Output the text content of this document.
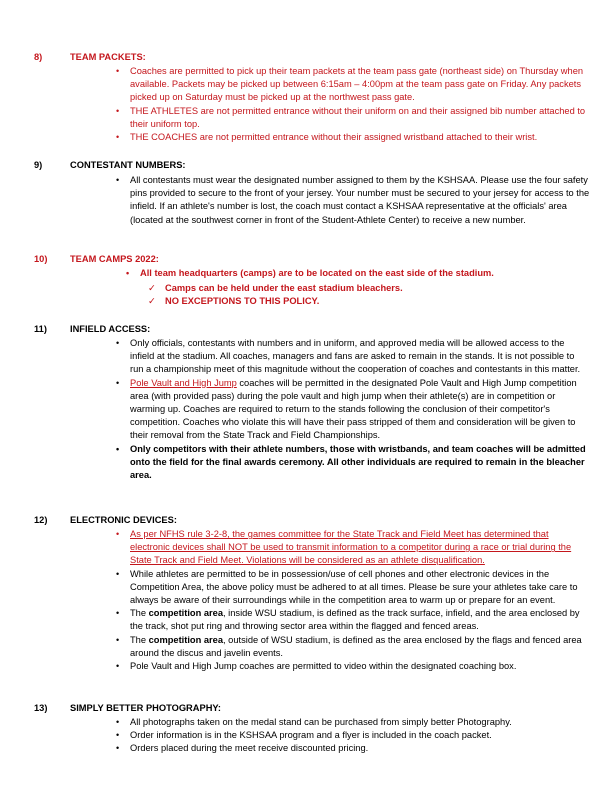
8)	TEAM PACKETS:
• Coaches are permitted to pick up their team packets at the team pass gate (northeast side) on Thursday when available. Packets may be picked up between 6:15am – 4:00pm at the team pass gate on Friday. Any packets picked up on Saturday must be picked up at the northwest pass gate.
• THE ATHLETES are not permitted entrance without their uniform on and their assigned bib number attached to their uniform top.
• THE COACHES are not permitted entrance without their assigned wristband attached to their wrist.
9)	CONTESTANT NUMBERS:
• All contestants must wear the designated number assigned to them by the KSHSAA. Please use the four safety pins provided to secure to the front of your jersey. Your number must be secured to your jersey for access to the infield. If an athlete's number is lost, the coach must contact a KSHSAA representative at the officials' area (located at the southwest corner in front of the Student-Athlete Center) to receive a new number.
10) TEAM CAMPS 2022:
• All team headquarters (camps) are to be located on the east side of the stadium.
✓ Camps can be held under the east stadium bleachers.
✓ NO EXCEPTIONS TO THIS POLICY.
11) INFIELD ACCESS:
• Only officials, contestants with numbers and in uniform, and approved media will be allowed access to the infield at the stadium. All coaches, managers and fans are asked to remain in the stands. It is not possible to run a championship meet of this magnitude without the cooperation of coaches and contestants in this matter.
• Pole Vault and High Jump coaches will be permitted in the designated Pole Vault and High Jump competition area (with provided pass) during the pole vault and high jump when their athlete(s) are in competition or warming up. Coaches are required to return to the stands following the conclusion of their competitor's competition. Coaches who violate this will have their pass stripped of them and consideration will be given to their removal from the State Track and Field Championships.
• Only competitors with their athlete numbers, those with wristbands, and team coaches will be admitted onto the field for the final awards ceremony. All other individuals are required to remain in the bleacher area.
12) ELECTRONIC DEVICES:
• As per NFHS rule 3-2-8, the games committee for the State Track and Field Meet has determined that electronic devices shall NOT be used to transmit information to a competitor during a race or trial during the State Track and Field Meet. Violations will be considered as an athlete disqualification.
• While athletes are permitted to be in possession/use of cell phones and other electronic devices in the Competition Area, the above policy must be adhered to at all times. Please be sure your athletes take care to always be aware of their surroundings while in the competition area to warm up or prepare for an event.
• The competition area, inside WSU stadium, is defined as the track surface, infield, and the area enclosed by the track, shot put ring and throwing sector area within the flagged and fenced areas.
• The competition area, outside of WSU stadium, is defined as the area enclosed by the flags and fenced area around the discus and javelin events.
• Pole Vault and High Jump coaches are permitted to video within the designated coaching box.
13) SIMPLY BETTER PHOTOGRAPHY:
• All photographs taken on the medal stand can be purchased from simply better Photography.
• Order information is in the KSHSAA program and a flyer is included in the coach packet.
• Orders placed during the meet receive discounted pricing.
